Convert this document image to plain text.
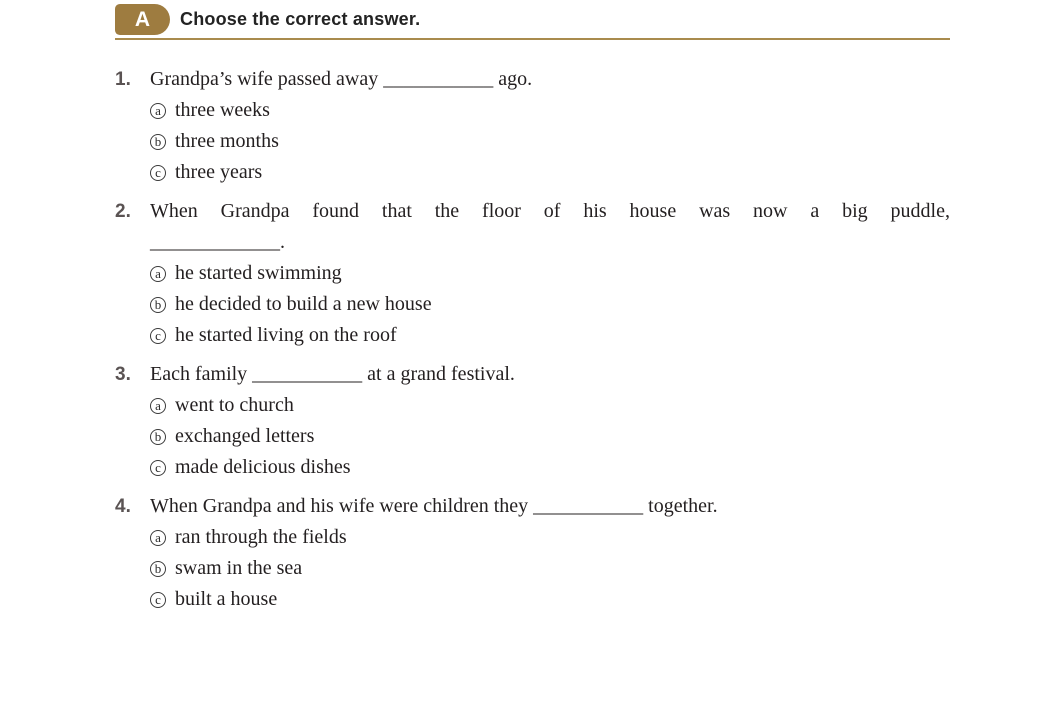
A Choose the correct answer.
1. Grandpa’s wife passed away ___________ ago.
a three weeks
b three months
c three years
2. When Grandpa found that the floor of his house was now a big puddle,
_____________.
a he started swimming
b he decided to build a new house
c he started living on the roof
3. Each family ___________ at a grand festival.
a went to church
b exchanged letters
c made delicious dishes
4. When Grandpa and his wife were children they ___________ together.
a ran through the fields
b swam in the sea
c built a house
